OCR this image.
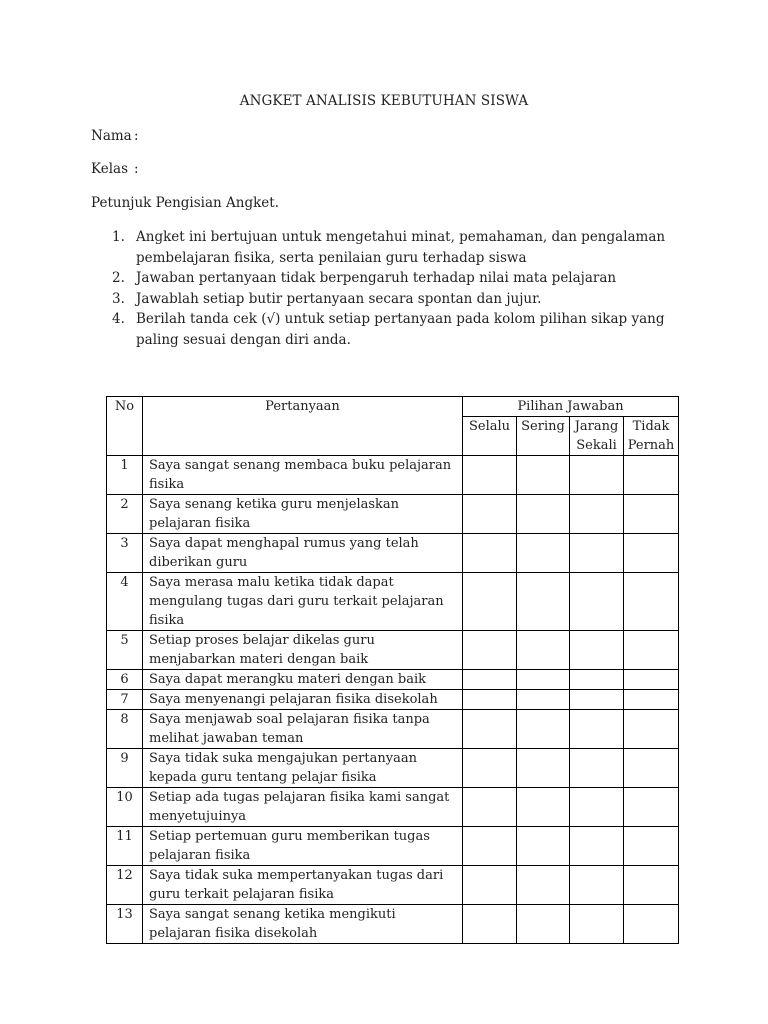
ANGKET ANALISIS KEBUTUHAN SISWA
Nama :
Kelas :
Petunjuk Pengisian Angket.
1. Angket ini bertujuan untuk mengetahui minat, pemahaman, dan pengalaman pembelajaran fisika, serta penilaian guru terhadap siswa
2. Jawaban pertanyaan tidak berpengaruh terhadap nilai mata pelajaran
3. Jawablah setiap butir pertanyaan secara spontan dan jujur.
4. Berilah tanda cek (√) untuk setiap pertanyaan pada kolom pilihan sikap yang paling sesuai dengan diri anda.
No	Pertanyaan	Pilihan Jawaban			
		Selalu	Sering	Jarang Sekali	Tidak Pernah
1	Saya sangat senang membaca buku pelajaran fisika				
2	Saya senang ketika guru menjelaskan pelajaran fisika				
3	Saya dapat menghapal rumus yang telah diberikan guru				
4	Saya merasa malu ketika tidak dapat mengulang tugas dari guru terkait pelajaran fisika				
5	Setiap proses belajar dikelas guru menjabarkan materi dengan baik				
6	Saya dapat merangku materi dengan baik				
7	Saya menyenangi pelajaran fisika disekolah				
8	Saya menjawab soal pelajaran fisika tanpa melihat jawaban teman				
9	Saya tidak suka mengajukan pertanyaan kepada guru tentang pelajar fisika				
10	Setiap ada tugas pelajaran fisika kami sangat menyetujuinya				
11	Setiap pertemuan guru memberikan tugas pelajaran fisika				
12	Saya tidak suka mempertanyakan tugas dari guru terkait pelajaran fisika				
13	Saya sangat senang ketika mengikuti pelajaran fisika disekolah				
